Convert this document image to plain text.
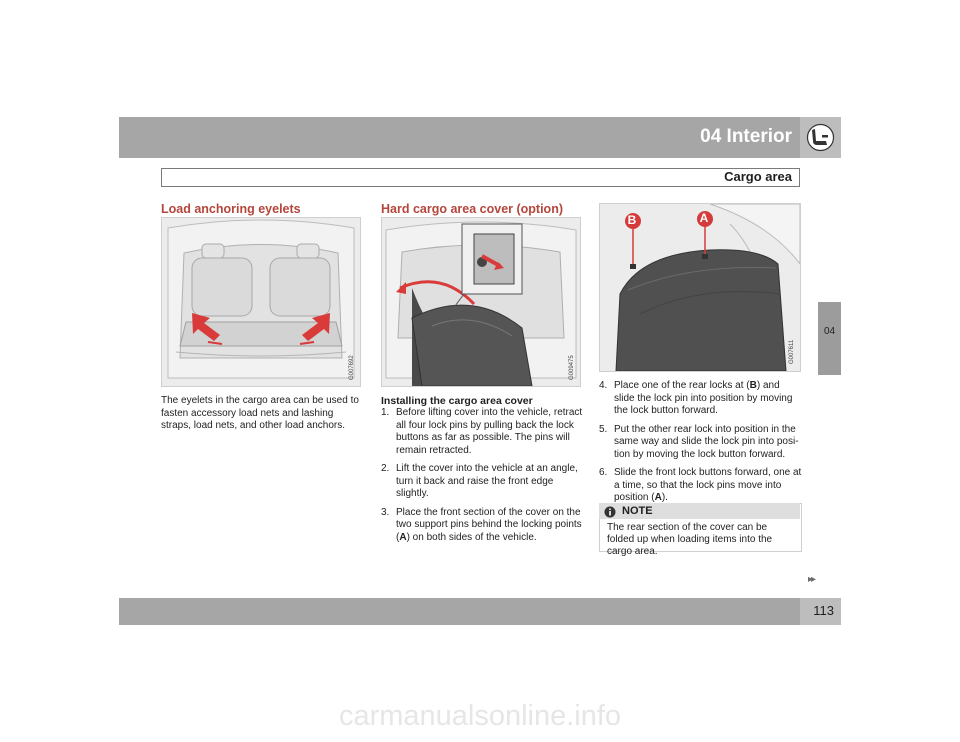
04 Interior
Cargo area
04
Load anchoring eyelets
G007692
The eyelets in the cargo area can be used to fasten accessory load nets and lashing straps, load nets, and other load anchors.
Hard cargo area cover (option)
G009475
Installing the cargo area cover
1. Before lifting cover into the vehicle, retract all four lock pins by pulling back the lock buttons as far as possible. The pins will remain retracted.
2. Lift the cover into the vehicle at an angle, turn it back and raise the front edge slightly.
3. Place the front section of the cover on the two support pins behind the locking points (A) on both sides of the vehicle.
B	A
G007611
4. Place one of the rear locks at (B) and slide the lock pin into position by moving the lock button forward.
5. Put the other rear lock into position in the same way and slide the lock pin into posi-tion by moving the lock button forward.
6. Slide the front lock buttons forward, one at a time, so that the lock pins move into position (A).
NOTE
The rear section of the cover can be folded up when loading items into the cargo area.
▸▸
113
carmanualsonline.info
